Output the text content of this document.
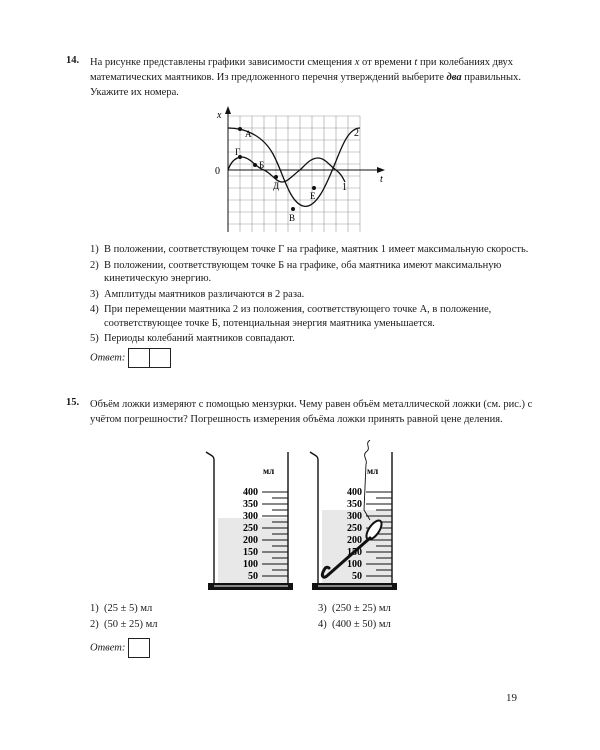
14. На рисунке представлены графики зависимости смещения x от времени t при колебаниях двух математических маятников. Из предложенного перечня утверждений выберите два правильных. Укажите их номера.
t
x
0
2
1
А
Г
Б
Д
В
Е
1) В положении, соответствующем точке Г на графике, маятник 1 имеет максимальную скорость.
2) В положении, соответствующем точке Б на графике, оба маятника имеют максимальную кинетическую энергию.
3) Амплитуды маятников различаются в 2 раза.
4) При перемещении маятника 2 из положения, соответствующего точке А, в положение, соответствующее точке Б, потенциальная энергия маятника уменьшается.
5) Периоды колебаний маятников совпадают.
Ответ:
15. Объём ложки измеряют с помощью мензурки. Чему равен объём металлической ложки (см. рис.) с учётом погрешности? Погрешность измерения объёма ложки принять равной цене деления.
мл
400
350
300
250
200
150
100
50
мл
400
350
300
250
200
150
100
50
1) (25 ± 5) мл
2) (50 ± 25) мл
3) (250 ± 25) мл
4) (400 ± 50) мл
Ответ:
19
